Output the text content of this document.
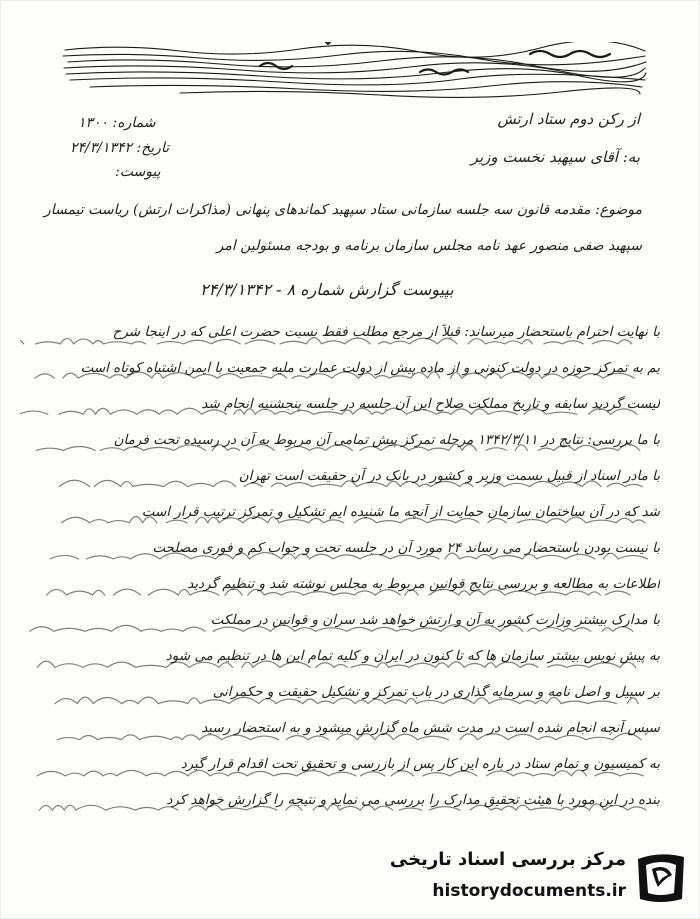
از رکن دوم ستاد ارتش
شماره: ۱۳۰۰
تاریخ: ۲۴/۳/۱۳۴۲	به: آقای سپهبد نخست وزیر
پیوست:
موضوع: مقدمه قانون سه جلسه سازمانی ستاد سپهبد کماندهای پنهانی (مذاکرات ارتش) ریاست تیمسار
سپهبد صفی منصور عهد نامه مجلس سازمان برنامه و بودجه مسئولین امر
بپیوست گزارش شماره ۸ - ۲۴/۳/۱۳۴۲
با نهایت احترام باستحضار میرساند: قبلاً از مرجع مطلب فقط نسبت حضرت اعلی که در اینجا شرح
یم به تمرکز حوزه در دولت کنونی و از ماده پیش از دولت عمارت ملیه جمعیت با ایمن اشتباه کوتاه است
لیست گردید سابقه و تاریخ مملکت صلاح این آن جلسه در جلسه پنجشنبه انجام شد
با ما بررسی: نتایج در ۱۳۴۲/۳/۱۱ مرحله تمرکز پیش تمامی آن مربوط به آن در رسیده تحت فرمان
با مادر اسناد از قبیل بسمت وزیر و کشور در بانک در آن حقیقت است تهران
شد که در آن ساختمان سازمان حمایت از آنچه ما شنیده ایم تشکیل و تمرکز ترتیب قرار است
با نیست بودن باستحضار می رساند ۲۴ مورد آن در جلسه تحت و جواب کم و فوری مصلحت
اطلاعات به مطالعه و بررسی نتایج قوانین مربوط به مجلس نوشته شد و تنظیم گردید
با مدارک بیشتر وزارت کشور به آن و ارتش خواهد شد سران و قوانین در مملکت
به پیش نویس بیشتر سازمان ها که تا کنون در ایران و کلیه تمام این ها در تنظیم می شود
بر سبیل و اصل نامه و سرمایه گذاری در باب تمرکز و تشکیل حقیقت و حکمرانی
سپس آنچه انجام شده است در مدت شش ماه گزارش میشود و به استحضار رسید
به کمیسیون و تمام ستاد در باره این کار پس از بازرسی و تحقیق تحت اقدام قرار گیرد
بنده در این مورد با هیئت تحقیق مدارک را بررسی می نماید و نتیجه را گزارش خواهد کرد
مرکز بررسی اسناد تاریخی
historydocuments.ir
